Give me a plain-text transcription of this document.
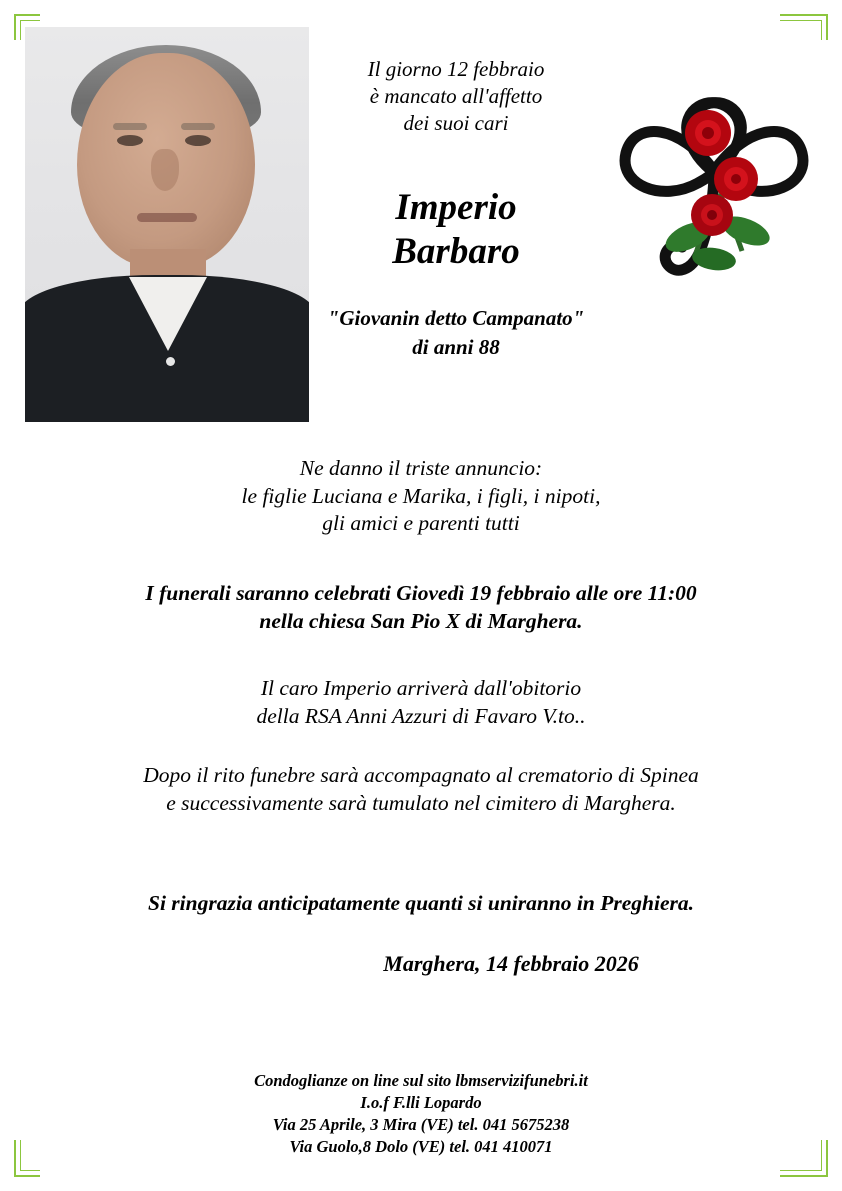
Il giorno 12 febbraio
è mancato all'affetto
dei suoi cari
Imperio
Barbaro
"Giovanin detto Campanato"
di anni 88
Ne danno il triste annuncio:
le figlie Luciana e Marika, i figli, i nipoti,
gli amici e parenti tutti
I funerali saranno celebrati Giovedì 19 febbraio alle ore 11:00
nella chiesa San Pio X di Marghera.
Il caro Imperio arriverà dall'obitorio
della RSA Anni Azzuri di Favaro V.to..
Dopo il rito funebre sarà accompagnato al crematorio di Spinea
e successivamente sarà tumulato nel cimitero di Marghera.
Si ringrazia anticipatamente quanti si uniranno in Preghiera.
Marghera, 14 febbraio 2026
Condoglianze on line sul sito lbmservizifunebri.it
I.o.f F.lli Lopardo
Via 25 Aprile, 3 Mira (VE) tel. 041 5675238
Via Guolo,8 Dolo (VE) tel. 041 410071
